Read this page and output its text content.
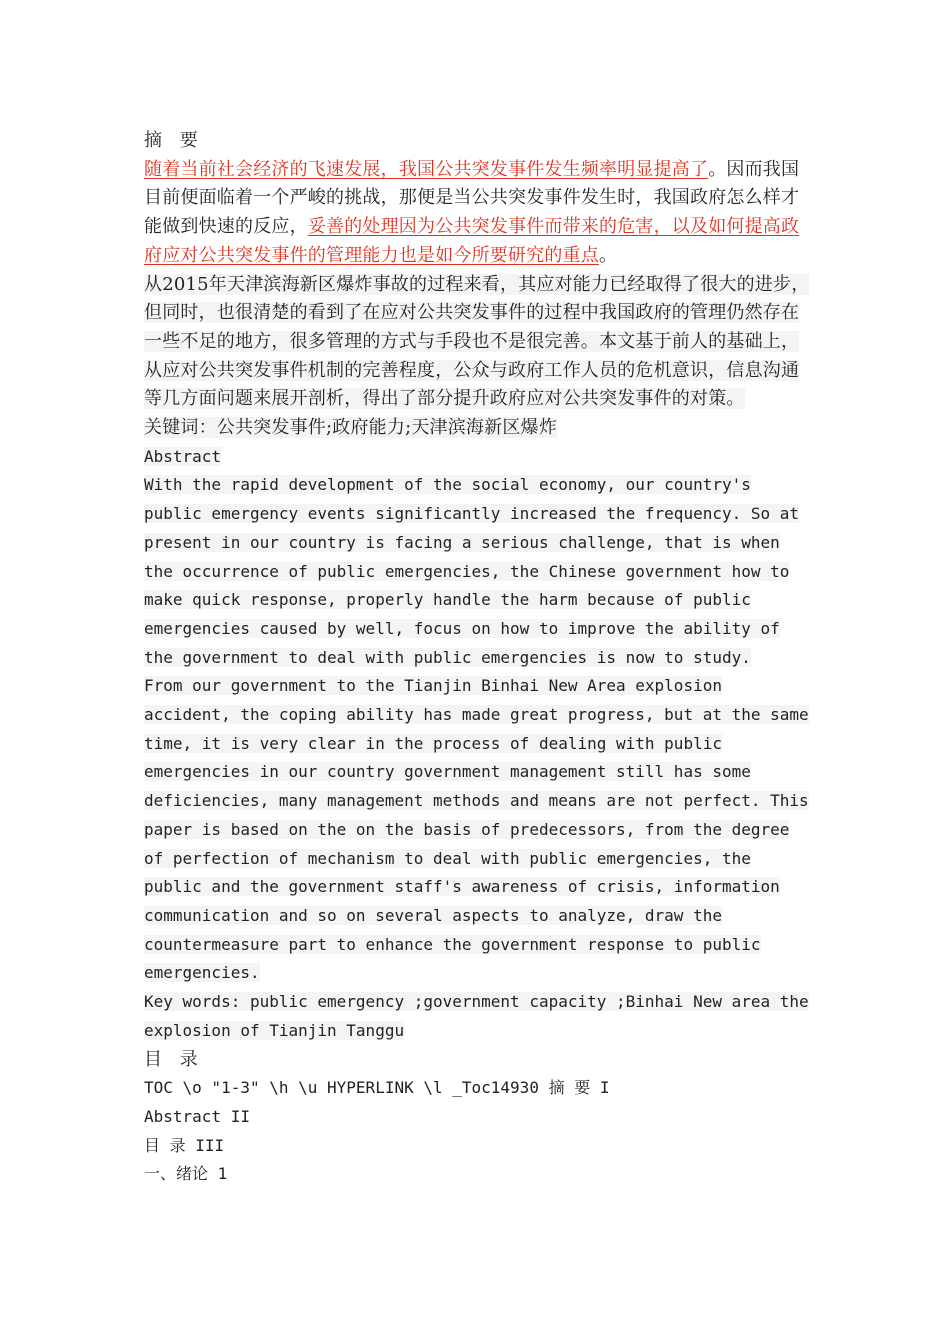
摘 要

随着当前社会经济的飞速发展，我国公共突发事件发生频率明显提高了。因而我国目前便面临着一个严峻的挑战，那便是当公共突发事件发生时，我国政府怎么样才能做到快速的反应，妥善的处理因为公共突发事件而带来的危害，以及如何提高政府应对公共突发事件的管理能力也是如今所要研究的重点。

从2015年天津滨海新区爆炸事故的过程来看，其应对能力已经取得了很大的进步，但同时，也很清楚的看到了在应对公共突发事件的过程中我国政府的管理仍然存在一些不足的地方，很多管理的方式与手段也不是很完善。本文基于前人的基础上，从应对公共突发事件机制的完善程度，公众与政府工作人员的危机意识，信息沟通等几方面问题来展开剖析，得出了部分提升政府应对公共突发事件的对策。

关键词：公共突发事件;政府能力;天津滨海新区爆炸

Abstract

With the rapid development of the social economy, our country's
public emergency events significantly increased the frequency. So at
present in our country is facing a serious challenge, that is when
the occurrence of public emergencies, the Chinese government how to
make quick response, properly handle the harm because of public
emergencies caused by well, focus on how to improve the ability of
the government to deal with public emergencies is now to study.
From our government to the Tianjin Binhai New Area explosion
accident, the coping ability has made great progress, but at the same
time, it is very clear in the process of dealing with public
emergencies in our country government management still has some
deficiencies, many management methods and means are not perfect. This
paper is based on the on the basis of predecessors, from the degree
of perfection of mechanism to deal with public emergencies, the
public and the government staff's awareness of crisis, information
communication and so on several aspects to analyze, draw the
countermeasure part to enhance the government response to public
emergencies.
Key words: public emergency ;government capacity ;Binhai New area the
explosion of Tianjin Tanggu

目 录

TOC \o "1-3" \h \u HYPERLINK \l _Toc14930 摘 要 I

Abstract II

目 录 III

一、绪论 1
